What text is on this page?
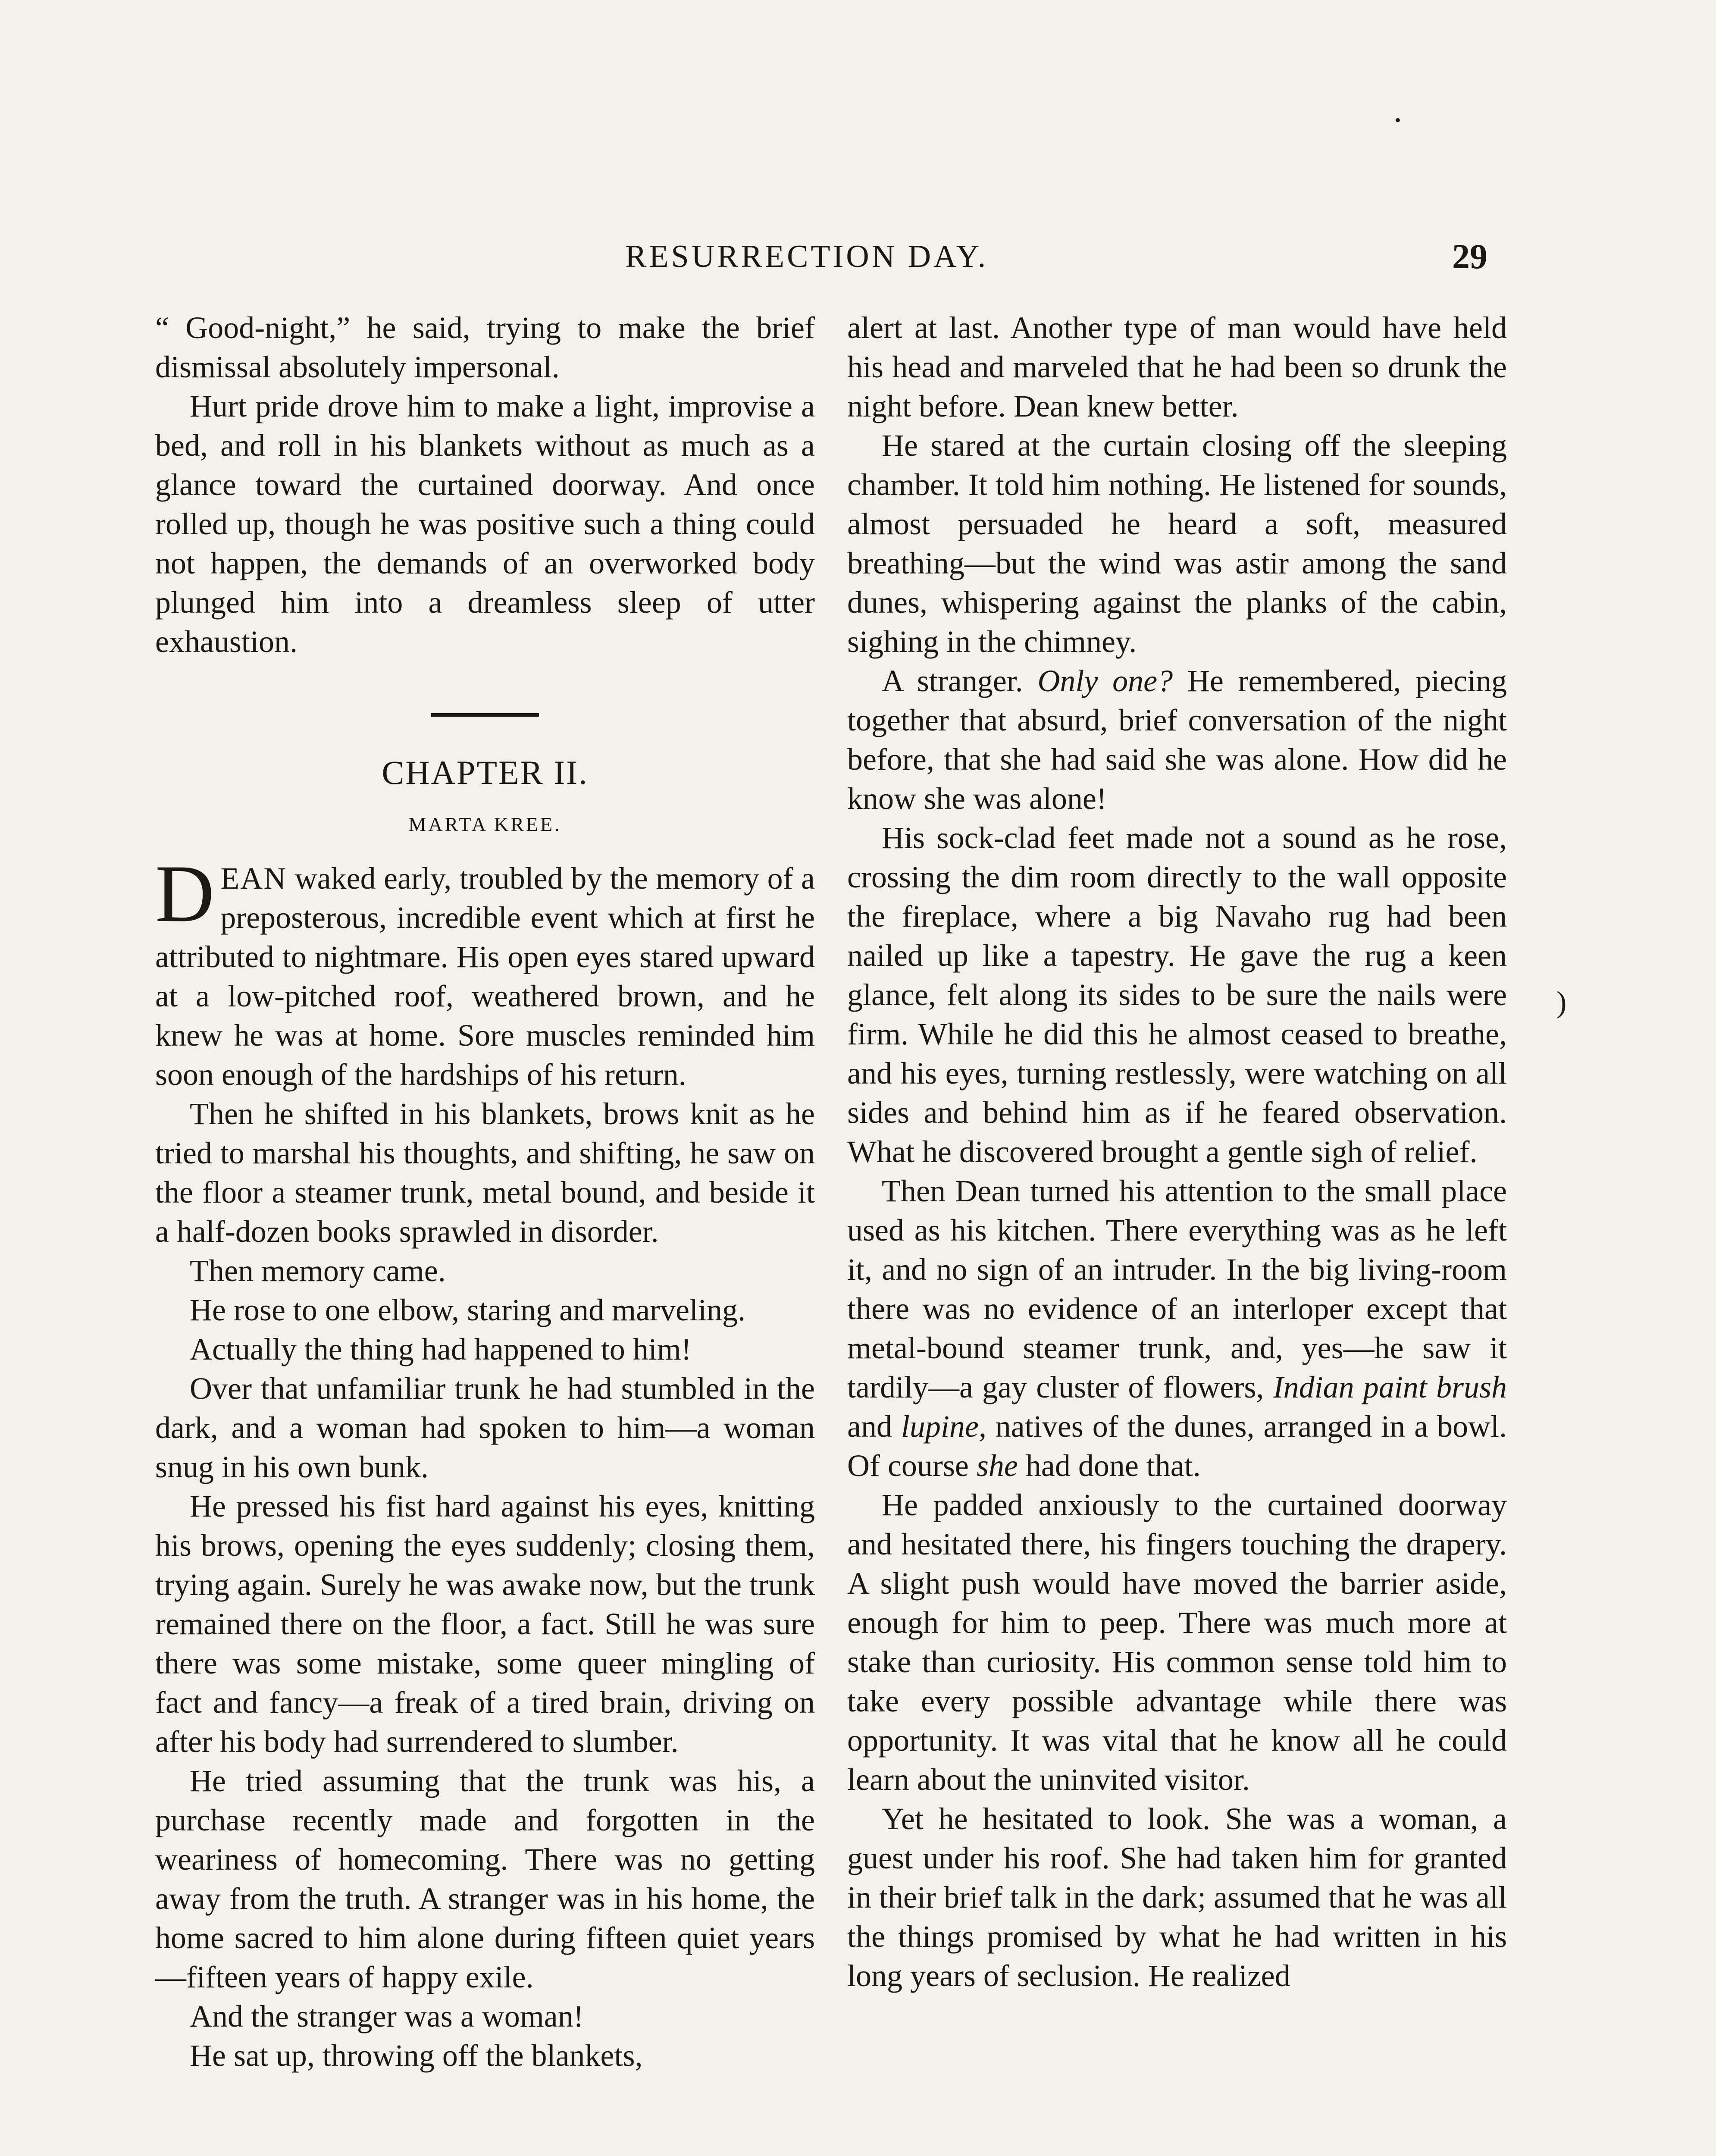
RESURRECTION DAY.	29

“ Good-night,” he said, trying to make the brief dismissal absolutely impersonal.

Hurt pride drove him to make a light, improvise a bed, and roll in his blankets without as much as a glance toward the curtained doorway. And once rolled up, though he was positive such a thing could not happen, the demands of an overworked body plunged him into a dreamless sleep of utter exhaustion.

CHAPTER II.
MARTA KREE.

DEAN waked early, troubled by the memory of a preposterous, incredible event which at first he attributed to nightmare. His open eyes stared upward at a low-pitched roof, weathered brown, and he knew he was at home. Sore muscles reminded him soon enough of the hardships of his return.

Then he shifted in his blankets, brows knit as he tried to marshal his thoughts, and shifting, he saw on the floor a steamer trunk, metal bound, and beside it a half-dozen books sprawled in disorder.

Then memory came.

He rose to one elbow, staring and marveling.

Actually the thing had happened to him!

Over that unfamiliar trunk he had stumbled in the dark, and a woman had spoken to him—a woman snug in his own bunk.

He pressed his fist hard against his eyes, knitting his brows, opening the eyes suddenly; closing them, trying again. Surely he was awake now, but the trunk remained there on the floor, a fact. Still he was sure there was some mistake, some queer mingling of fact and fancy—a freak of a tired brain, driving on after his body had surrendered to slumber.

He tried assuming that the trunk was his, a purchase recently made and forgotten in the weariness of homecoming. There was no getting away from the truth. A stranger was in his home, the home sacred to him alone during fifteen quiet years—fifteen years of happy exile.

And the stranger was a woman!

He sat up, throwing off the blankets,

alert at last. Another type of man would have held his head and marveled that he had been so drunk the night before. Dean knew better.

He stared at the curtain closing off the sleeping chamber. It told him nothing. He listened for sounds, almost persuaded he heard a soft, measured breathing—but the wind was astir among the sand dunes, whispering against the planks of the cabin, sighing in the chimney.

A stranger. Only one? He remembered, piecing together that absurd, brief conversation of the night before, that she had said she was alone. How did he know she was alone!

His sock-clad feet made not a sound as he rose, crossing the dim room directly to the wall opposite the fireplace, where a big Navaho rug had been nailed up like a tapestry. He gave the rug a keen glance, felt along its sides to be sure the nails were firm. While he did this he almost ceased to breathe, and his eyes, turning restlessly, were watching on all sides and behind him as if he feared observation. What he discovered brought a gentle sigh of relief.

Then Dean turned his attention to the small place used as his kitchen. There everything was as he left it, and no sign of an intruder. In the big living-room there was no evidence of an interloper except that metal-bound steamer trunk, and, yes—he saw it tardily—a gay cluster of flowers, Indian paint brush and lupine, natives of the dunes, arranged in a bowl. Of course she had done that.

He padded anxiously to the curtained doorway and hesitated there, his fingers touching the drapery. A slight push would have moved the barrier aside, enough for him to peep. There was much more at stake than curiosity. His common sense told him to take every possible advantage while there was opportunity. It was vital that he know all he could learn about the uninvited visitor.

Yet he hesitated to look. She was a woman, a guest under his roof. She had taken him for granted in their brief talk in the dark; assumed that he was all the things promised by what he had written in his long years of seclusion. He realized

•
)
